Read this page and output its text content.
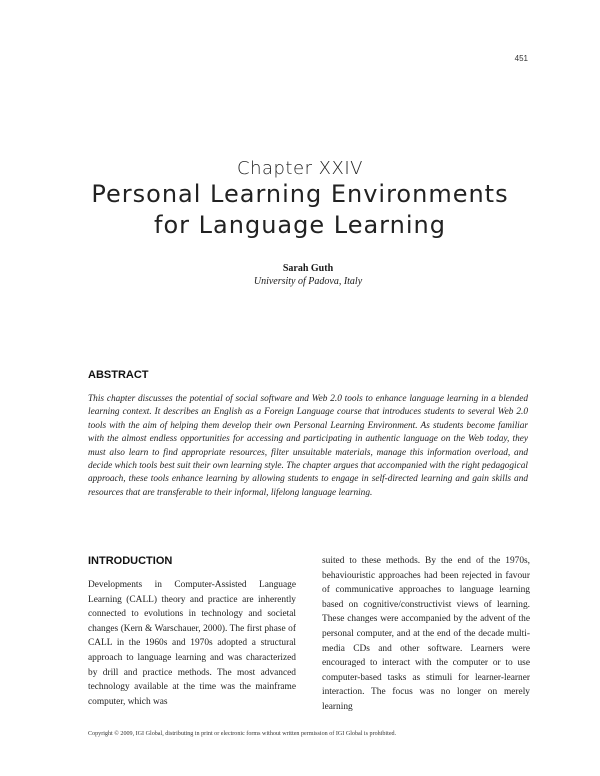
451
Chapter XXIV
Personal Learning Environments
for Language Learning
Sarah Guth
University of Padova, Italy
ABSTRACT
This chapter discusses the potential of social software and Web 2.0 tools to enhance language learning in a blended learning context. It describes an English as a Foreign Language course that introduces students to several Web 2.0 tools with the aim of helping them develop their own Personal Learning Environment. As students become familiar with the almost endless opportunities for accessing and participating in authentic language on the Web today, they must also learn to find appropriate resources, filter unsuitable materials, manage this information overload, and decide which tools best suit their own learning style. The chapter argues that accompanied with the right pedagogical approach, these tools enhance learning by allowing students to engage in self-directed learning and gain skills and resources that are transferable to their informal, lifelong language learning.
INTRODUCTION

Developments in Computer-Assisted Language Learning (CALL) theory and practice are inherently connected to evolutions in technology and societal changes (Kern & Warschauer, 2000). The first phase of CALL in the 1960s and 1970s adopted a structural approach to language learning and was characterized by drill and practice methods. The most advanced technology available at the time was the mainframe computer, which was

suited to these methods. By the end of the 1970s, behaviouristic approaches had been rejected in favour of communicative approaches to language learning based on cognitive/constructivist views of learning. These changes were accompanied by the advent of the personal computer, and at the end of the decade multi-media CDs and other software. Learners were encouraged to interact with the computer or to use computer-based tasks as stimuli for learner-learner interaction. The focus was no longer on merely learning

Copyright © 2009, IGI Global, distributing in print or electronic forms without written permission of IGI Global is prohibited.
